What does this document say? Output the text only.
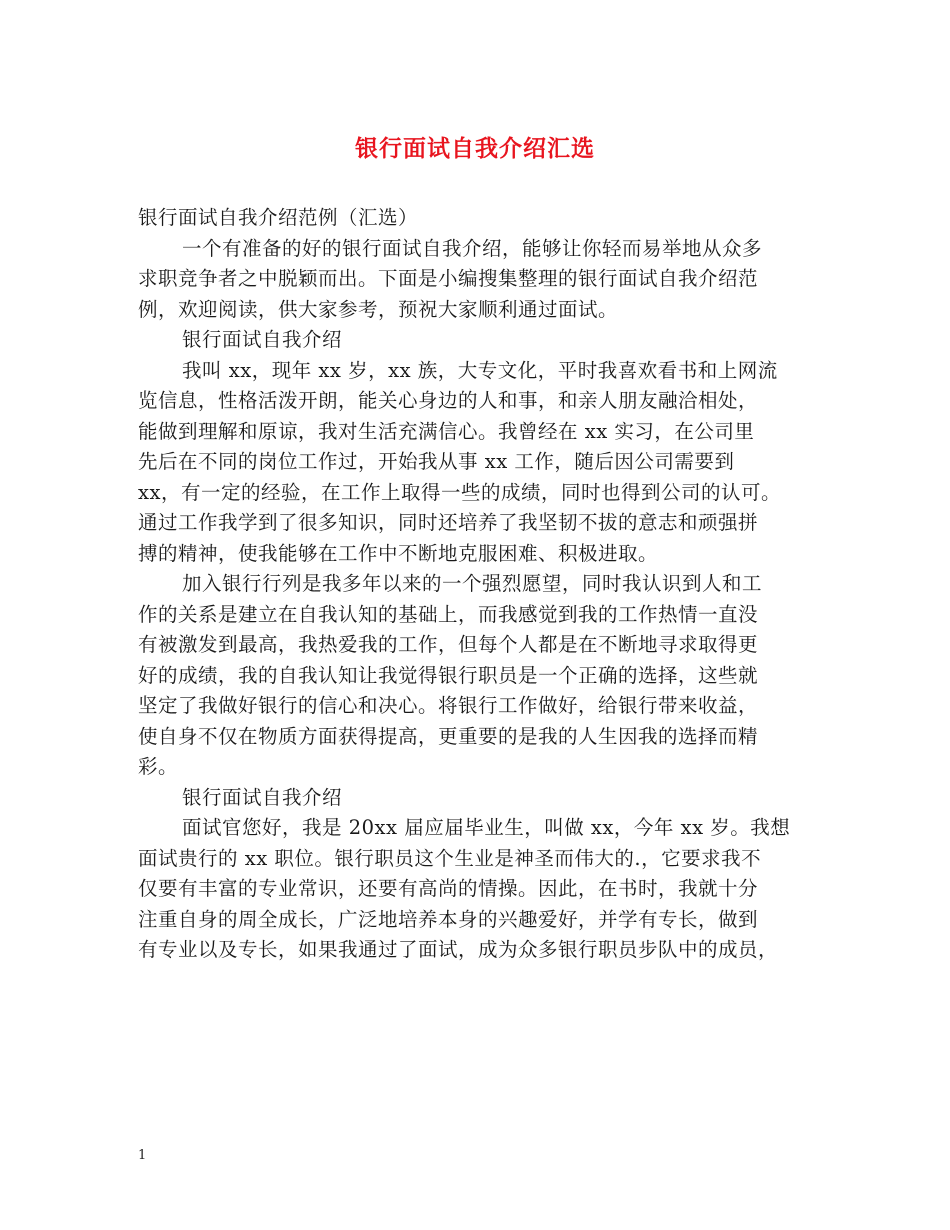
银行面试自我介绍汇选
银行面试自我介绍范例（汇选）
一个有准备的好的银行面试自我介绍，能够让你轻而易举地从众多
求职竞争者之中脱颖而出。下面是小编搜集整理的银行面试自我介绍范
例，欢迎阅读，供大家参考，预祝大家顺利通过面试。
银行面试自我介绍
我叫 xx，现年 xx 岁，xx 族，大专文化，平时我喜欢看书和上网流
览信息，性格活泼开朗，能关心身边的人和事，和亲人朋友融洽相处，
能做到理解和原谅，我对生活充满信心。我曾经在 xx 实习，在公司里
先后在不同的岗位工作过，开始我从事 xx 工作，随后因公司需要到
xx，有一定的经验，在工作上取得一些的成绩，同时也得到公司的认可。
通过工作我学到了很多知识，同时还培养了我坚韧不拔的意志和顽强拼
搏的精神，使我能够在工作中不断地克服困难、积极进取。
加入银行行列是我多年以来的一个强烈愿望，同时我认识到人和工
作的关系是建立在自我认知的基础上，而我感觉到我的工作热情一直没
有被激发到最高，我热爱我的工作，但每个人都是在不断地寻求取得更
好的成绩，我的自我认知让我觉得银行职员是一个正确的选择，这些就
坚定了我做好银行的信心和决心。将银行工作做好，给银行带来收益，
使自身不仅在物质方面获得提高，更重要的是我的人生因我的选择而精
彩。
银行面试自我介绍
面试官您好，我是 20xx 届应届毕业生，叫做 xx，今年 xx 岁。我想
面试贵行的 xx 职位。银行职员这个生业是神圣而伟大的.，它要求我不
仅要有丰富的专业常识，还要有高尚的情操。因此，在书时，我就十分
注重自身的周全成长，广泛地培养本身的兴趣爱好，并学有专长，做到
有专业以及专长，如果我通过了面试，成为众多银行职员步队中的成员，
1
